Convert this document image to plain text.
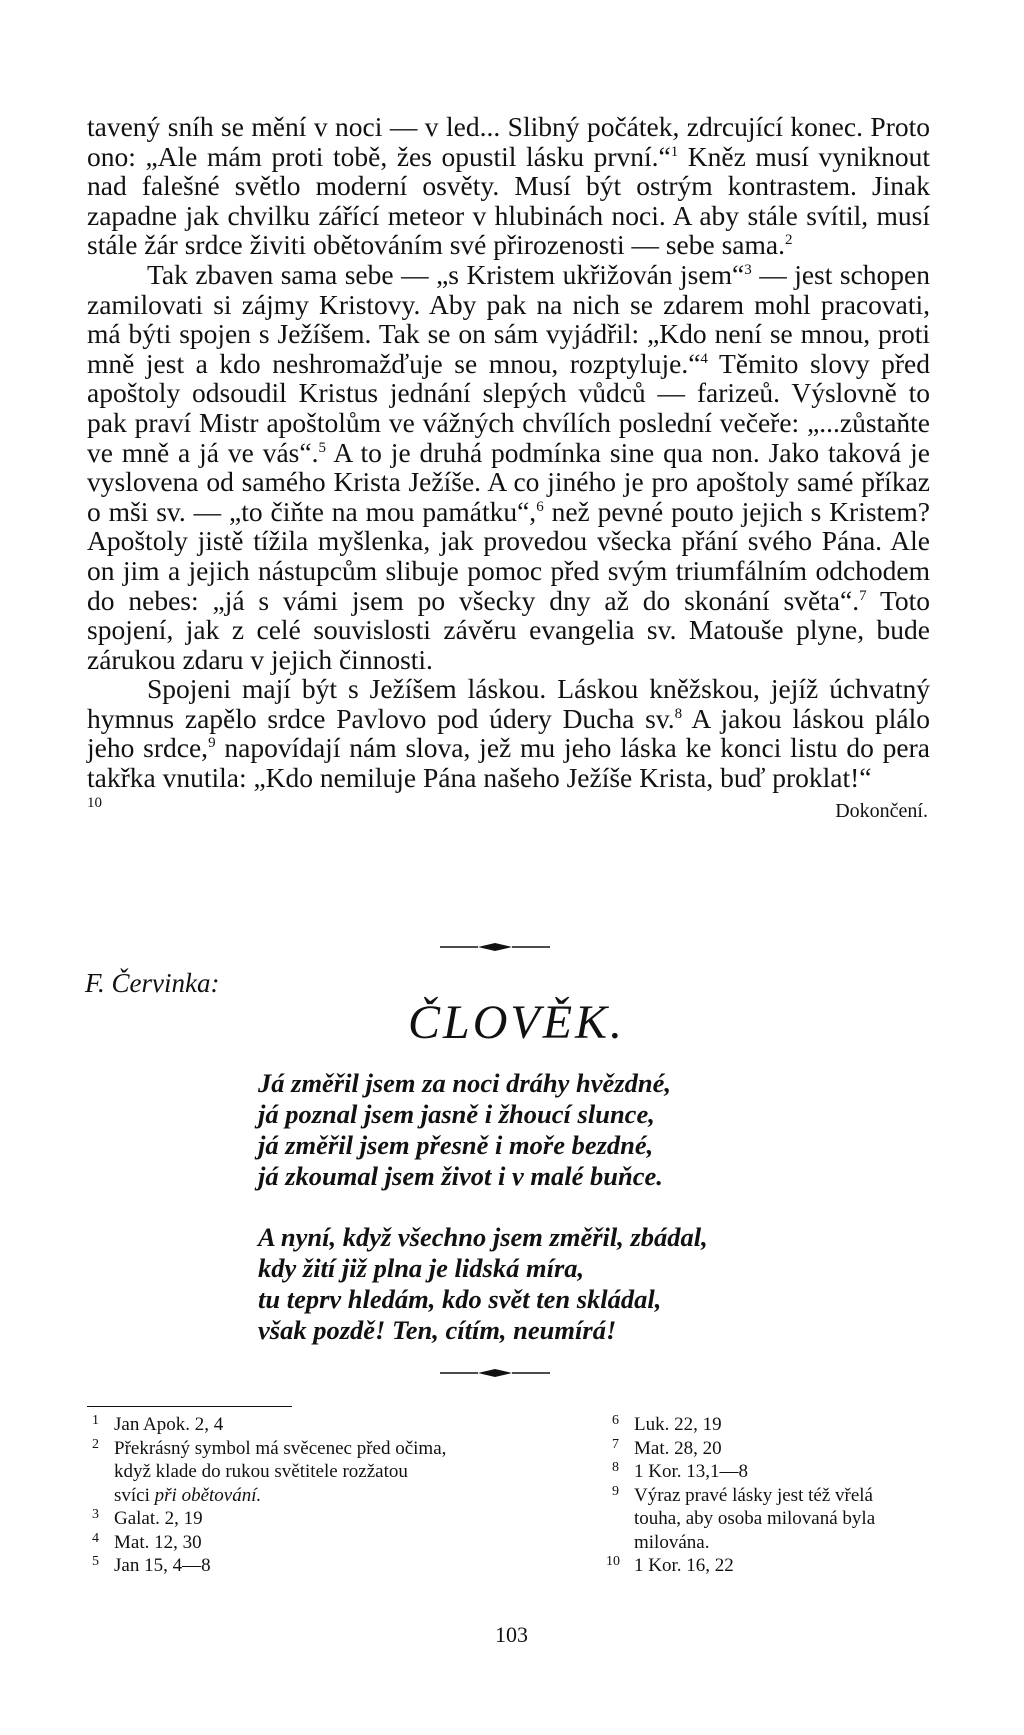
tavený sníh se mění v noci — v led... Slibný počátek, zdrcující konec. Proto ono: „Ale mám proti tobě, žes opustil lásku první.“$^1$ Kněz musí vyniknout nad falešné světlo moderní osvěty. Musí být ostrým kontrastem. Jinak zapadne jak chvilku zářící meteor v hlubinách noci. A aby stále svítil, musí stále žár srdce živiti obětováním své přirozenosti — sebe sama.$^2$

Tak zbaven sama sebe — „s Kristem ukřižován jsem“$^3$ — jest schopen zamilovati si zájmy Kristovy. Aby pak na nich se zdarem mohl pracovati, má býti spojen s Ježíšem. Tak se on sám vyjádřil: „Kdo není se mnou, proti mně jest a kdo neshromažďuje se mnou, rozptyluje.“$^4$ Těmito slovy před apoštoly odsoudil Kristus jednání slepých vůdců — farizeů. Výslovně to pak praví Mistr apoštolům ve vážných chvílích poslední večeře: „...zůstaňte ve mně a já ve vás“.$^5$ A to je druhá podmínka sine qua non. Jako taková je vyslovena od samého Krista Ježíše. A co jiného je pro apoštoly samé příkaz o mši sv. — „to čiňte na mou památku“,$^6$ než pevné pouto jejich s Kristem? Apoštoly jistě tížila myšlenka, jak provedou všecka přání svého Pána. Ale on jim a jejich nástupcům slibuje pomoc před svým triumfálním odchodem do nebes: „já s vámi jsem po všecky dny až do skonání světa“.$^7$ Toto spojení, jak z celé souvislosti závěru evangelia sv. Matouše plyne, bude zárukou zdaru v jejich činnosti.

Spojeni mají být s Ježíšem láskou. Láskou kněžskou, jejíž úchvatný hymnus zapělo srdce Pavlovo pod údery Ducha sv.$^8$ A jakou láskou plálo jeho srdce,$^9$ napovídají nám slova, jež mu jeho láska ke konci listu do pera takřka vnutila: „Kdo nemiluje Pána našeho Ježíše Krista, buď proklat!“

$^{10}$	Dokončení.
F. Červinka:
ČLOVĚK.
Já změřil jsem za noci dráhy hvězdné,
já poznal jsem jasně i žhoucí slunce,
já změřil jsem přesně i moře bezdné,
já zkoumal jsem život i v malé buňce.
A nyní, když všechno jsem změřil, zbádal,
kdy žití již plna je lidská míra,
tu teprv hledám, kdo svět ten skládal,
však pozdě! Ten, cítím, neumírá!
1 Jan Apok. 2, 4
2 Překrásný symbol má svěcenec před očima,
když klade do rukou světitele rozžatou
svíci při obětování.
3 Galat. 2, 19
4 Mat. 12, 30
5 Jan 15, 4—8
6 Luk. 22, 19
7 Mat. 28, 20
8 1 Kor. 13,1—8
9 Výraz pravé lásky jest též vřelá
touha, aby osoba milovaná byla
milována.
10 1 Kor. 16, 22
103
